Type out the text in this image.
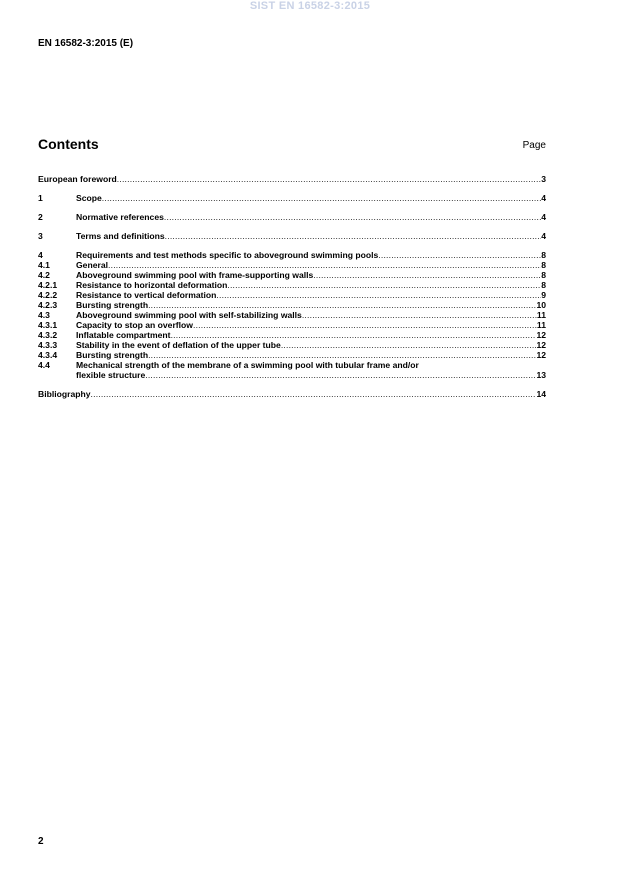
SIST EN 16582-3:2015
EN 16582-3:2015 (E)
Contents	Page
European foreword .....	3
1	Scope .....	4
2	Normative references .....	4
3	Terms and definitions .....	4
4	Requirements and test methods specific to aboveground swimming pools .....	8
4.1	General .....	8
4.2	Aboveground swimming pool with frame-supporting walls .....	8
4.2.1	Resistance to horizontal deformation .....	8
4.2.2	Resistance to vertical deformation .....	9
4.2.3	Bursting strength .....	10
4.3	Aboveground swimming pool with self-stabilizing walls .....	11
4.3.1	Capacity to stop an overflow .....	11
4.3.2	Inflatable compartment .....	12
4.3.3	Stability in the event of deflation of the upper tube .....	12
4.3.4	Bursting strength .....	12
4.4	Mechanical strength of the membrane of a swimming pool with tubular frame and/or
flexible structure .....	13
Bibliography .....	14
2
